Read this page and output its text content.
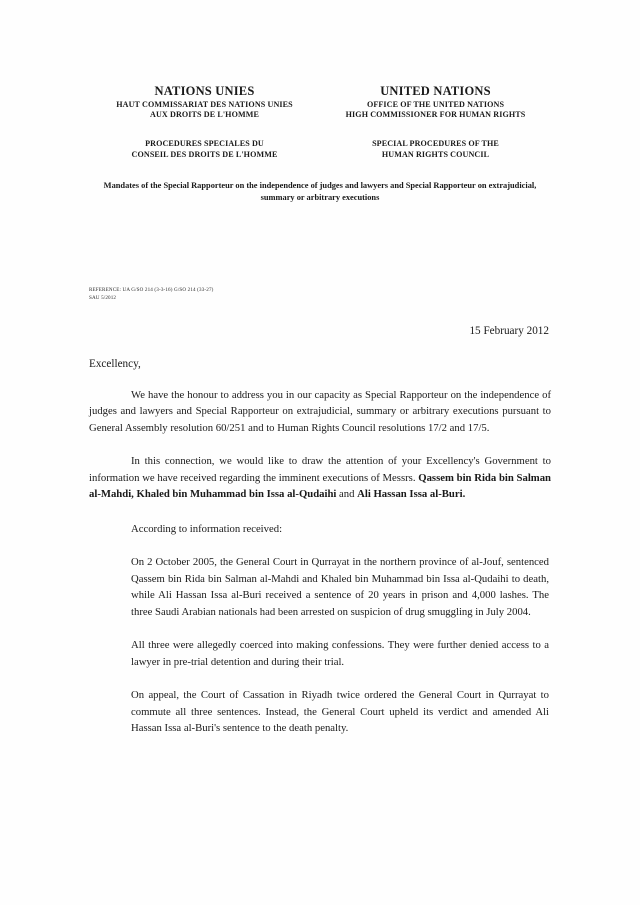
NATIONS UNIES
HAUT COMMISSARIAT DES NATIONS UNIES
AUX DROITS DE L'HOMME
UNITED NATIONS
OFFICE OF THE UNITED NATIONS
HIGH COMMISSIONER FOR HUMAN RIGHTS
PROCEDURES SPECIALES DU
CONSEIL DES DROITS DE L'HOMME
SPECIAL PROCEDURES OF THE
HUMAN RIGHTS COUNCIL
Mandates of the Special Rapporteur on the independence of judges and lawyers and Special Rapporteur on extrajudicial, summary or arbitrary executions
REFERENCE: UA G/SO 214 (3-3-16) G/SO 214 (33-27)
SAU 5/2012
15 February 2012
Excellency,

We have the honour to address you in our capacity as Special Rapporteur on the independence of judges and lawyers and Special Rapporteur on extrajudicial, summary or arbitrary executions pursuant to General Assembly resolution 60/251 and to Human Rights Council resolutions 17/2 and 17/5.

In this connection, we would like to draw the attention of your Excellency's Government to information we have received regarding the imminent executions of Messrs. Qassem bin Rida bin Salman al-Mahdi, Khaled bin Muhammad bin Issa al-Qudaihi and Ali Hassan Issa al-Buri.

According to information received:

On 2 October 2005, the General Court in Qurrayat in the northern province of al-Jouf, sentenced Qassem bin Rida bin Salman al-Mahdi and Khaled bin Muhammad bin Issa al-Qudaihi to death, while Ali Hassan Issa al-Buri received a sentence of 20 years in prison and 4,000 lashes. The three Saudi Arabian nationals had been arrested on suspicion of drug smuggling in July 2004.

All three were allegedly coerced into making confessions. They were further denied access to a lawyer in pre-trial detention and during their trial.

On appeal, the Court of Cassation in Riyadh twice ordered the General Court in Qurrayat to commute all three sentences. Instead, the General Court upheld its verdict and amended Ali Hassan Issa al-Buri's sentence to the death penalty.
